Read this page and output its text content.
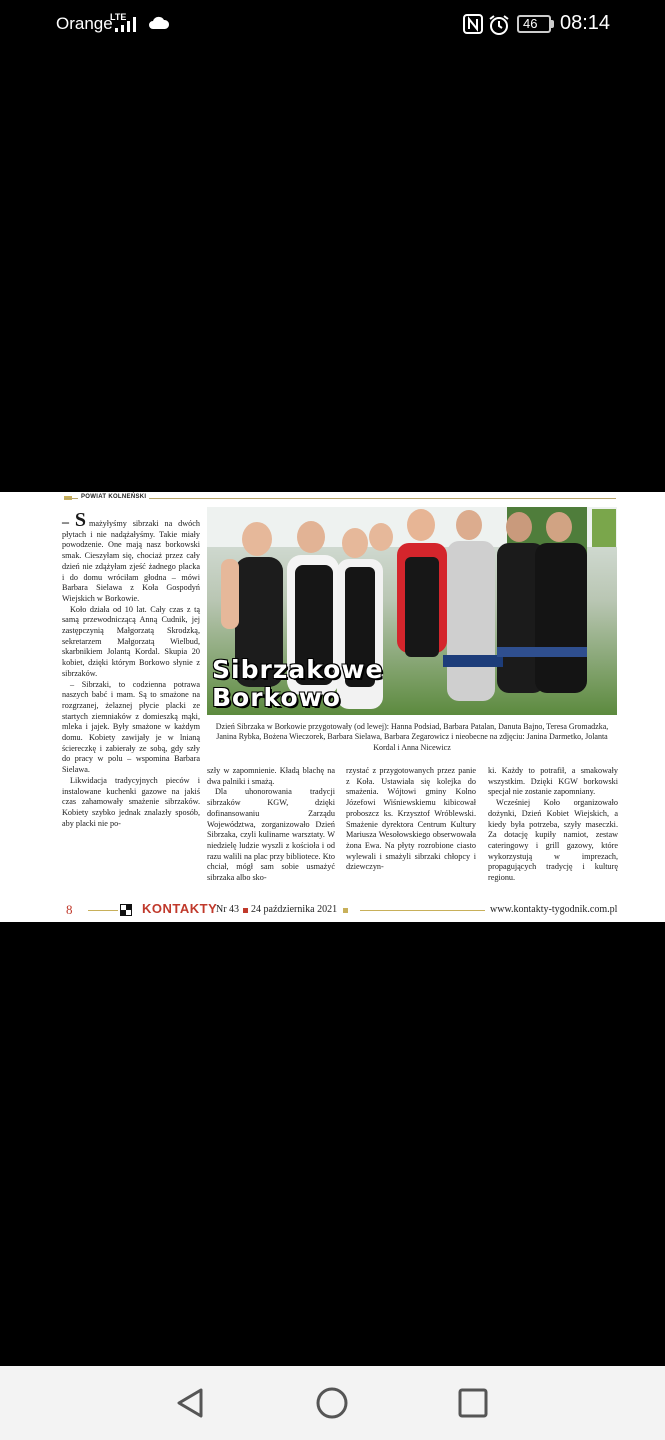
Orange
LTE	46 08:14
POWIAT KOLNEŃSKI

– S mażyłyśmy sibrzaki na dwóch płytach i nie nadążałyśmy. Takie miały powodzenie. One mają nasz borkowski smak. Cieszyłam się, chociaż przez cały dzień nie zdążyłam zjeść żadnego placka i do domu wróciłam głodna – mówi Barbara Sielawa z Koła Gospodyń Wiejskich w Borkowie.

Koło działa od 10 lat. Cały czas z tą samą przewodniczącą Anną Cudnik, jej zastępczynią Małgorzatą Skrodzką, sekretarzem Małgorzatą Wielbud, skarbnikiem Jolantą Kordal. Skupia 20 kobiet, dzięki którym Borkowo słynie z sibrzaków.

– Sibrzaki, to codzienna potrawa naszych babć i mam. Są to smażone na rozgrzanej, żelaznej płycie placki ze startych ziemniaków z domieszką mąki, mleka i jajek. Były smażone w każdym domu. Kobiety zawijały je w lnianą ściereczkę i zabierały ze sobą, gdy szły do pracy w polu – wspomina Barbara Sielawa.

Likwidacja tradycyjnych pieców i instalowane kuchenki gazowe na jakiś czas zahamowały smażenie sibrzaków. Kobiety szybko jednak znalazły sposób, aby placki nie po-

Sibrzakowe
Borkowo
Dzień Sibrzaka w Borkowie przygotowały (od lewej): Hanna Podsiad, Barbara Patalan, Danuta Bajno, Teresa Gromadzka, Janina Rybka, Bożena Wieczorek, Barbara Sielawa, Barbara Zegarowicz i nieobecne na zdjęciu: Janina Darmetko, Jolanta Kordal i Anna Nicewicz

szły w zapomnienie. Kładą blachę na dwa palniki i smażą.

Dla uhonorowania tradycji sibrzaków KGW, dzięki dofinansowaniu Zarządu Województwa, zorganizowało Dzień Sibrzaka, czyli kulinarne warsztaty. W niedzielę ludzie wyszli z kościoła i od razu walili na plac przy bibliotece. Kto chciał, mógł sam sobie usmażyć sibrzaka albo sko-

rzystać z przygotowanych przez panie z Koła. Ustawiała się kolejka do smażenia. Wójtowi gminy Kolno Józefowi Wiśniewskiemu kibicował proboszcz ks. Krzysztof Wróblewski. Smażenie dyrektora Centrum Kultury Mariusza Wesołowskiego obserwowała żona Ewa. Na płyty rozrobione ciasto wylewali i smażyli sibrzaki chłopcy i dziewczyn-

ki. Każdy to potrafił, a smakowały wszystkim. Dzięki KGW borkowski specjał nie zostanie zapomniany.

Wcześniej Koło organizowało dożynki, Dzień Kobiet Wiejskich, a kiedy była potrzeba, szyły maseczki. Za dotację kupiły namiot, zestaw cateringowy i grill gazowy, które wykorzystują w imprezach, propagujących tradycję i kulturę regionu.

8	KONTAKTY
Nr 43 24 października 2021	www.kontakty-tygodnik.com.pl
